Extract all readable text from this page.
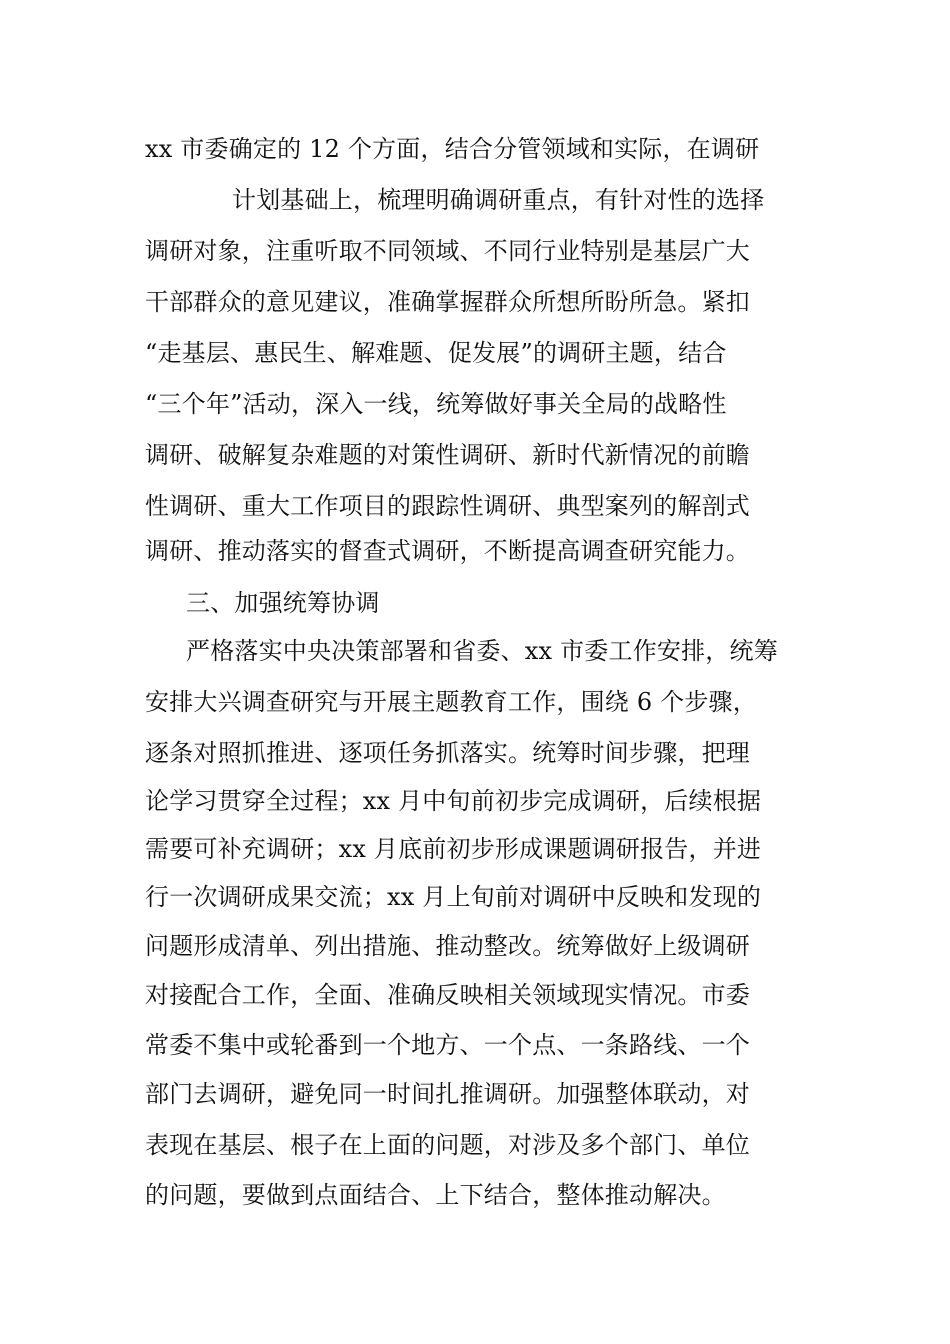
xx 市委确定的 12 个方面，结合分管领域和实际，在调研
计划基础上，梳理明确调研重点，有针对性的选择
调研对象，注重听取不同领域、不同行业特别是基层广大
干部群众的意见建议，准确掌握群众所想所盼所急。紧扣
“走基层、惠民生、解难题、促发展”的调研主题，结合
“三个年”活动，深入一线，统筹做好事关全局的战略性
调研、破解复杂难题的对策性调研、新时代新情况的前瞻
性调研、重大工作项目的跟踪性调研、典型案列的解剖式
调研、推动落实的督查式调研，不断提高调查研究能力。
三、加强统筹协调
严格落实中央决策部署和省委、xx 市委工作安排，统筹
安排大兴调查研究与开展主题教育工作，围绕 6 个步骤，
逐条对照抓推进、逐项任务抓落实。统筹时间步骤，把理
论学习贯穿全过程；xx 月中旬前初步完成调研，后续根据
需要可补充调研；xx 月底前初步形成课题调研报告，并进
行一次调研成果交流；xx 月上旬前对调研中反映和发现的
问题形成清单、列出措施、推动整改。统筹做好上级调研
对接配合工作，全面、准确反映相关领域现实情况。市委
常委不集中或轮番到一个地方、一个点、一条路线、一个
部门去调研，避免同一时间扎推调研。加强整体联动，对
表现在基层、根子在上面的问题，对涉及多个部门、单位
的问题，要做到点面结合、上下结合，整体推动解决。
